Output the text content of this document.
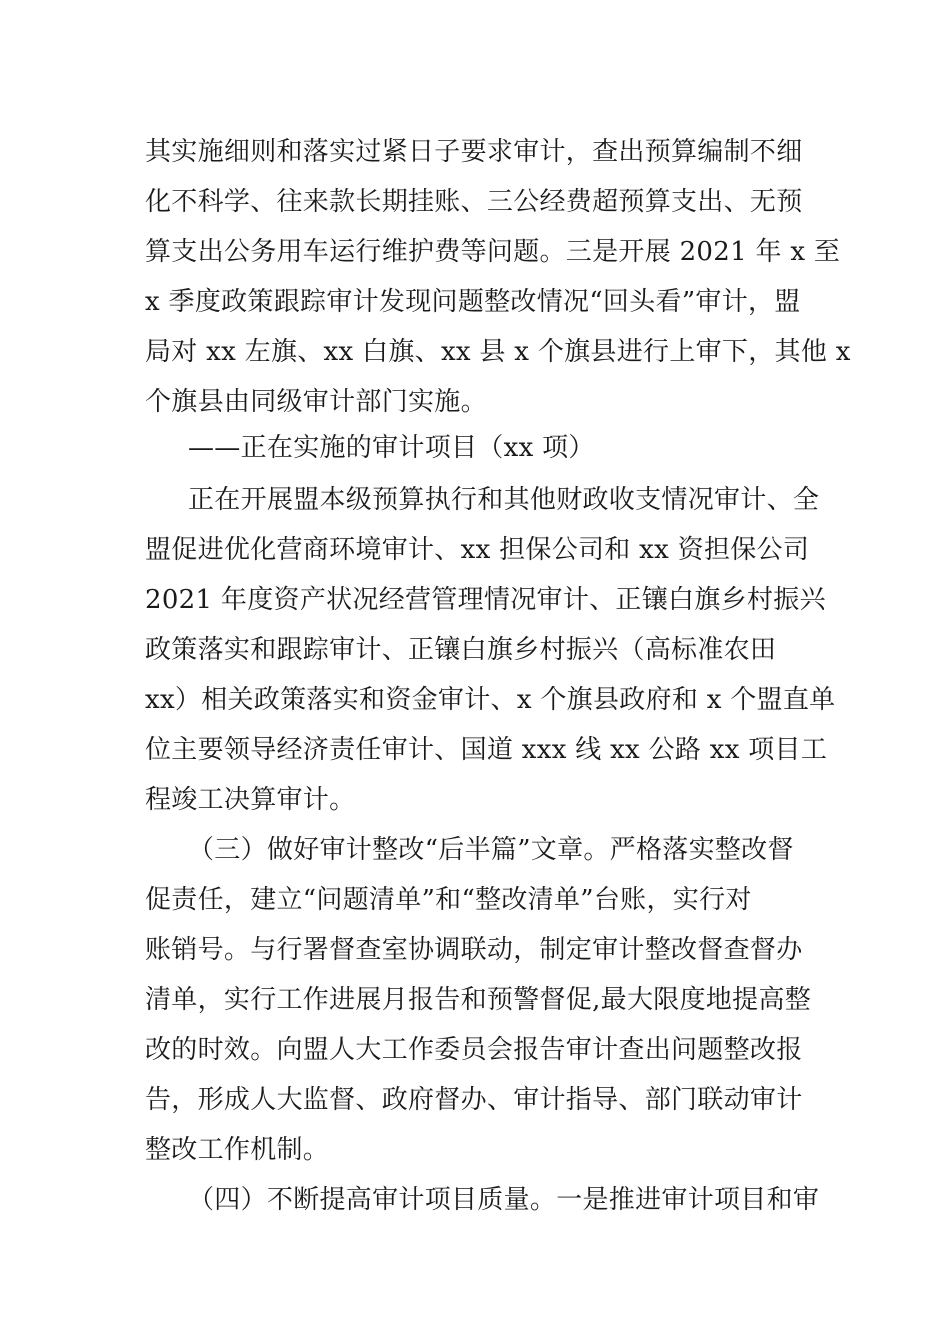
其实施细则和落实过紧日子要求审计，查出预算编制不细
化不科学、往来款长期挂账、三公经费超预算支出、无预
算支出公务用车运行维护费等问题。三是开展 2021 年 x 至
x 季度政策跟踪审计发现问题整改情况“回头看”审计，盟
局对 xx 左旗、xx 白旗、xx 县 x 个旗县进行上审下，其他 x
个旗县由同级审计部门实施。
——正在实施的审计项目（xx 项）
正在开展盟本级预算执行和其他财政收支情况审计、全
盟促进优化营商环境审计、xx 担保公司和 xx 资担保公司
2021 年度资产状况经营管理情况审计、正镶白旗乡村振兴
政策落实和跟踪审计、正镶白旗乡村振兴（高标准农田
xx）相关政策落实和资金审计、x 个旗县政府和 x 个盟直单
位主要领导经济责任审计、国道 xxx 线 xx 公路 xx 项目工
程竣工决算审计。
（三）做好审计整改“后半篇”文章。严格落实整改督
促责任，建立“问题清单”和“整改清单”台账，实行对
账销号。与行署督查室协调联动，制定审计整改督查督办
清单，实行工作进展月报告和预警督促,最大限度地提高整
改的时效。向盟人大工作委员会报告审计查出问题整改报
告，形成人大监督、政府督办、审计指导、部门联动审计
整改工作机制。
（四）不断提高审计项目质量。一是推进审计项目和审
